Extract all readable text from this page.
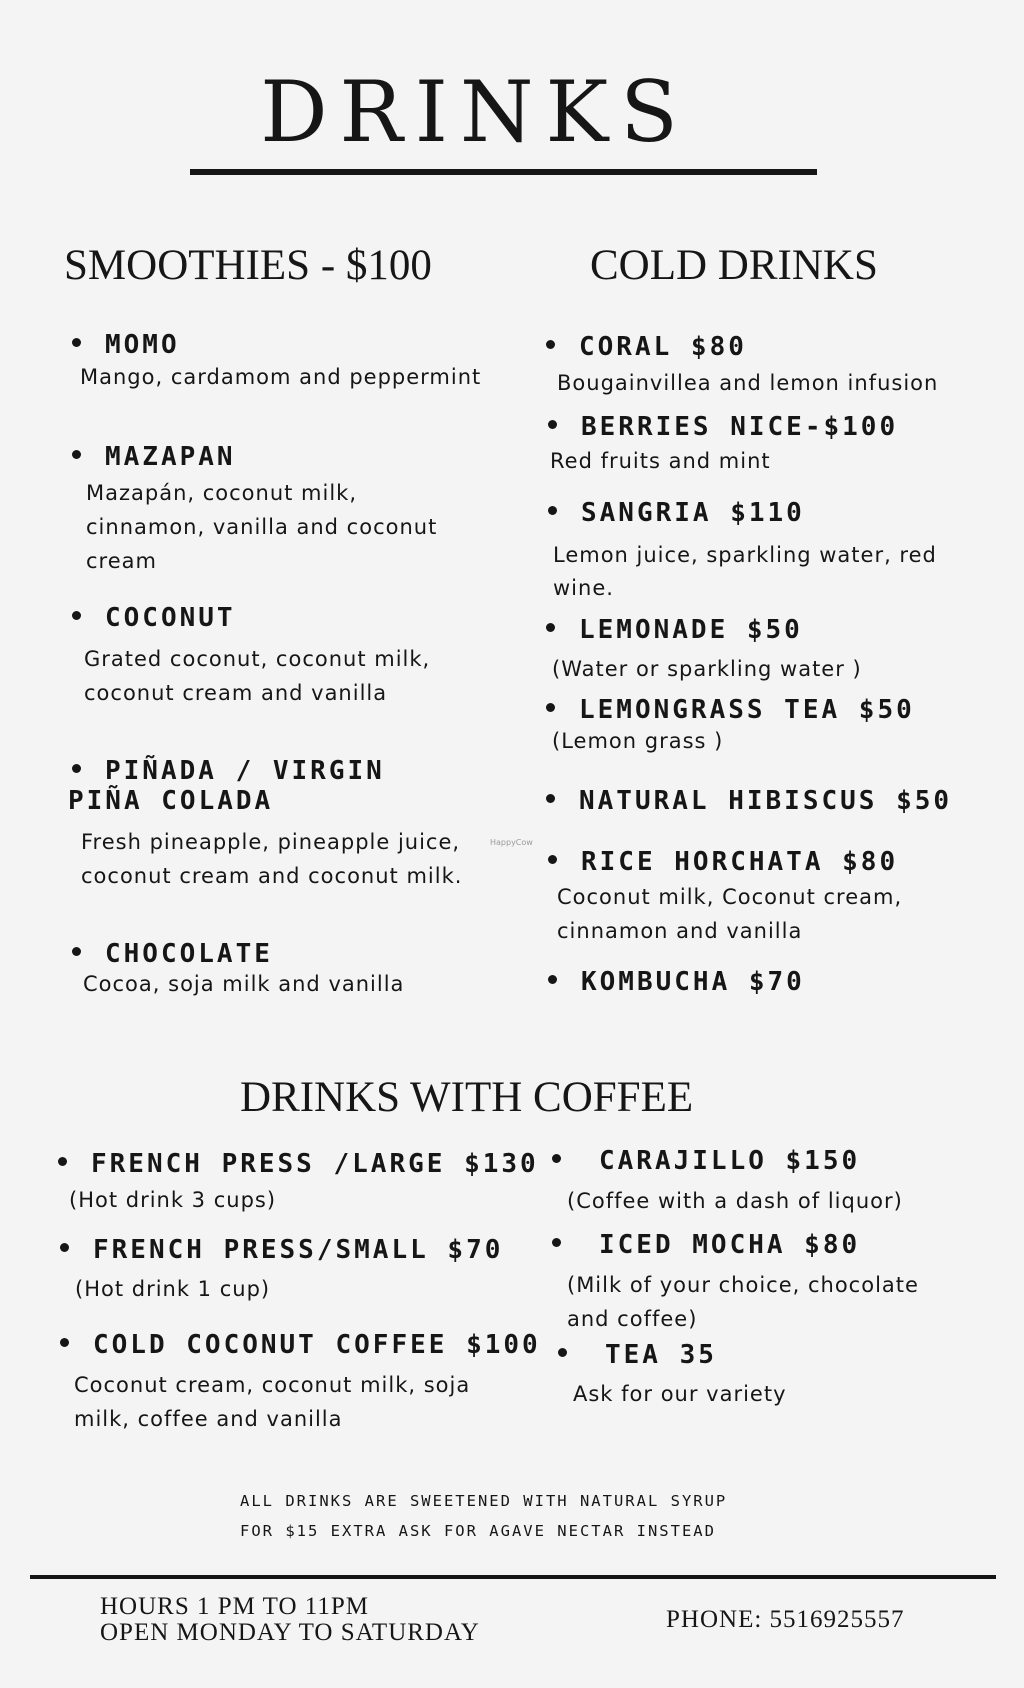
DRINKS
SMOOTHIES - $100
MOMO
Mango, cardamom and peppermint
MAZAPAN
Mazapán, coconut milk,
cinnamon, vanilla and coconut
cream
COCONUT
Grated coconut, coconut milk,
coconut cream and vanilla
PIÑADA / VIRGIN
PIÑA COLADA
Fresh pineapple, pineapple juice,
coconut cream and coconut milk.
CHOCOLATE
Cocoa, soja milk and vanilla
HappyCow
COLD DRINKS
CORAL $80
Bougainvillea and lemon infusion
BERRIES NICE-$100
Red fruits and mint
SANGRIA $110
Lemon juice, sparkling water, red
wine.
LEMONADE $50
(Water or sparkling water )
LEMONGRASS TEA $50
(Lemon grass )
NATURAL HIBISCUS $50
RICE HORCHATA $80
Coconut milk, Coconut cream,
cinnamon and vanilla
KOMBUCHA $70
DRINKS WITH COFFEE
FRENCH PRESS /LARGE $130
(Hot drink 3 cups)
FRENCH PRESS/SMALL $70
(Hot drink 1 cup)
COLD COCONUT COFFEE $100
Coconut cream, coconut milk, soja
milk, coffee and vanilla
CARAJILLO $150
(Coffee with a dash of liquor)
ICED MOCHA $80
(Milk of your choice, chocolate
and coffee)
TEA 35
Ask for our variety
ALL DRINKS ARE SWEETENED WITH NATURAL SYRUP
FOR $15 EXTRA ASK FOR AGAVE NECTAR INSTEAD
HOURS 1 PM TO 11PM
OPEN MONDAY TO SATURDAY	PHONE: 5516925557
